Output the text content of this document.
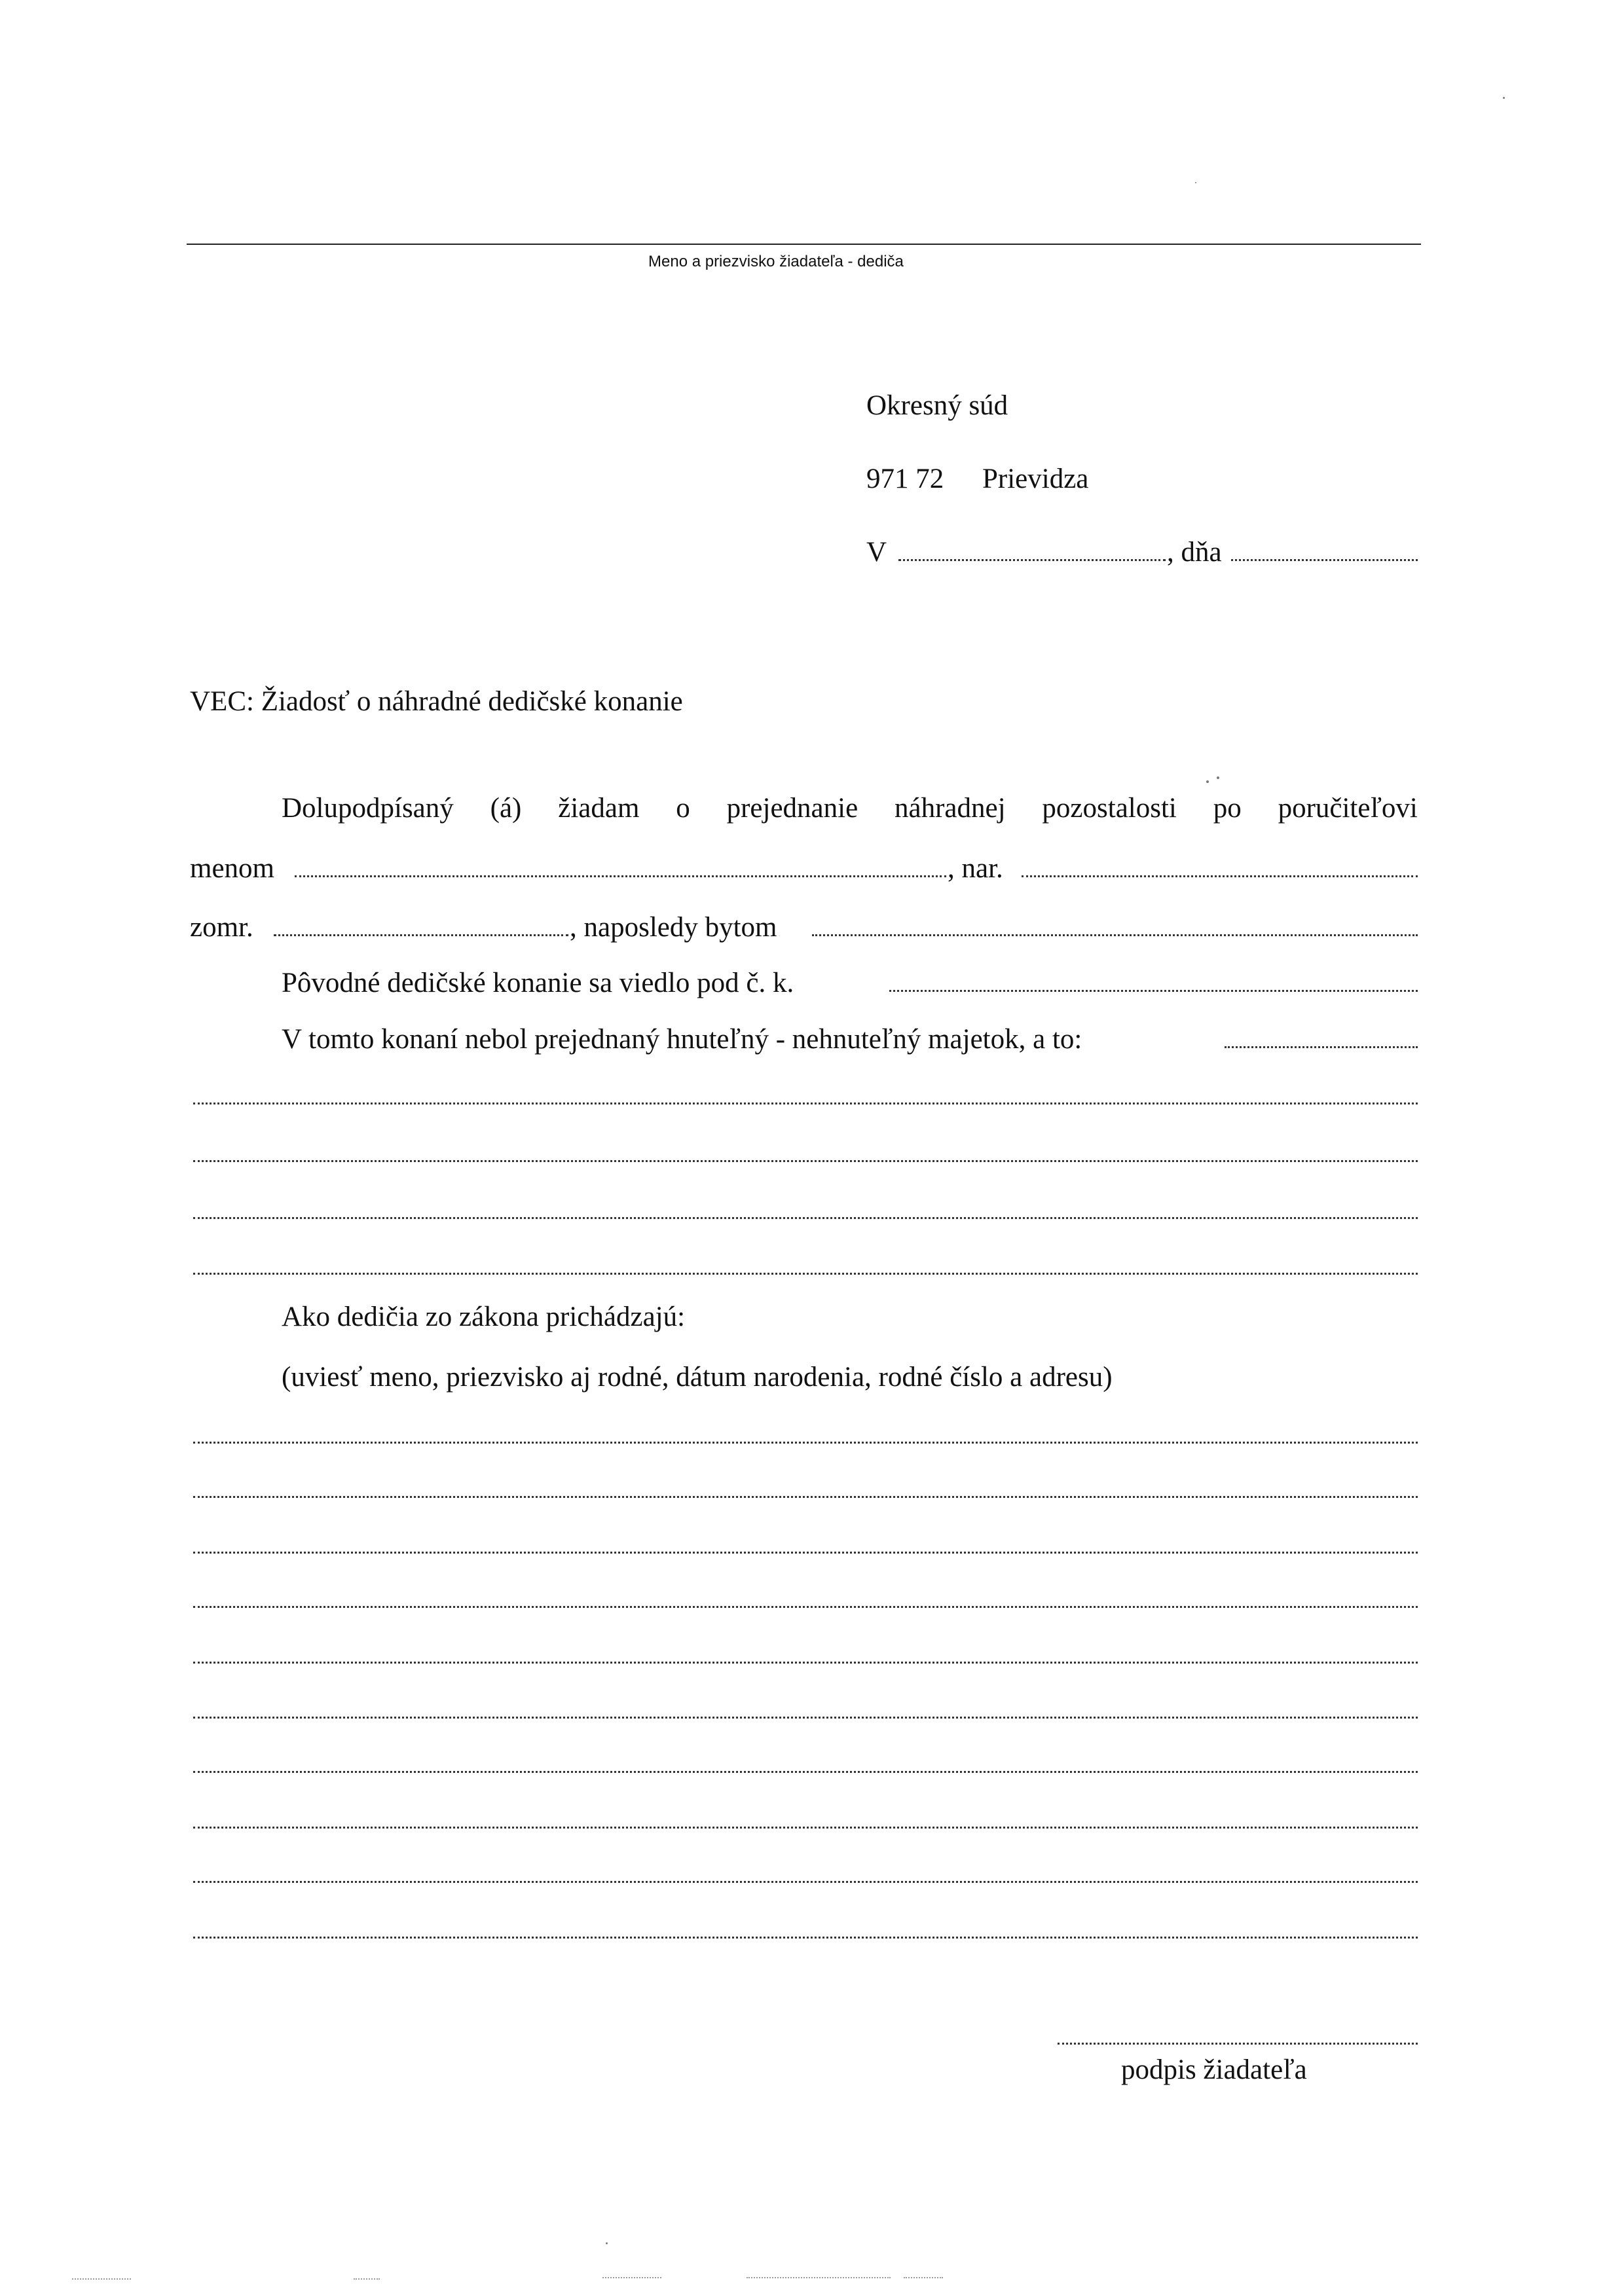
Meno a priezvisko žiadateľa - dediča
Okresný súd
971 72 Prievidza
V	, dňa
VEC: Žiadosť o náhradné dedičské konanie
Dolupodpísaný (á) žiadam o prejednanie náhradnej pozostalosti po poručiteľovi
menom	, nar.
zomr.	, naposledy bytom
Pôvodné dedičské konanie sa viedlo pod č. k.
V tomto konaní nebol prejednaný hnuteľný - nehnuteľný majetok, a to:
Ako dedičia zo zákona prichádzajú:
(uviesť meno, priezvisko aj rodné, dátum narodenia, rodné číslo a adresu)
podpis žiadateľa
